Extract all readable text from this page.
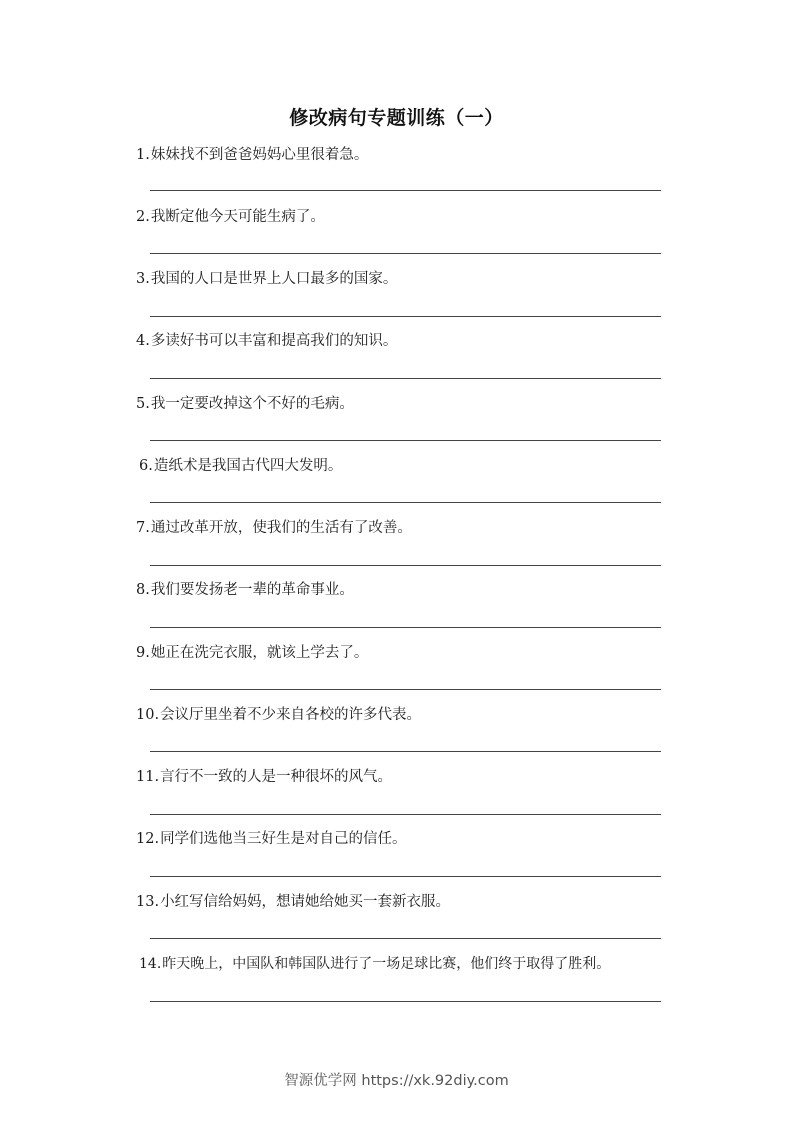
修改病句专题训练（一）
1.妹妹找不到爸爸妈妈心里很着急。
2.我断定他今天可能生病了。
3.我国的人口是世界上人口最多的国家。
4.多读好书可以丰富和提高我们的知识。
5.我一定要改掉这个不好的毛病。
6.造纸术是我国古代四大发明。
7.通过改革开放，使我们的生活有了改善。
8.我们要发扬老一辈的革命事业。
9.她正在洗完衣服，就该上学去了。
10.会议厅里坐着不少来自各校的许多代表。
11.言行不一致的人是一种很坏的风气。
12.同学们选他当三好生是对自己的信任。
13.小红写信给妈妈，想请她给她买一套新衣服。
14.昨天晚上，中国队和韩国队进行了一场足球比赛，他们终于取得了胜利。
智源优学网 https://xk.92diy.com
